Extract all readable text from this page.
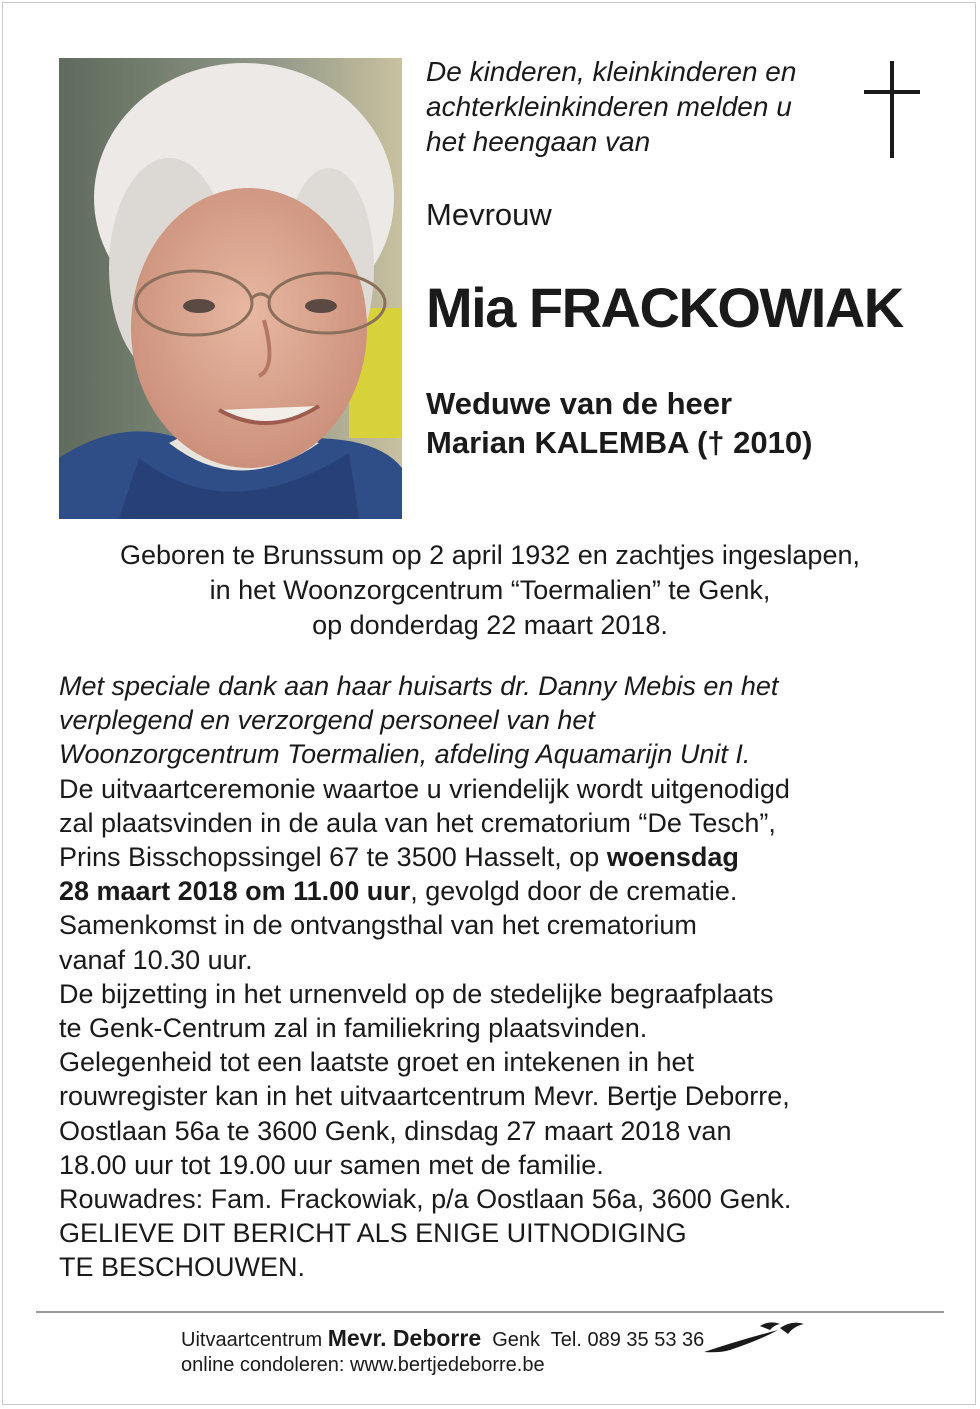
De kinderen, kleinkinderen en
achterkleinkinderen melden u
het heengaan van

Mevrouw

Mia FRACKOWIAK

Weduwe van de heer
Marian KALEMBA († 2010)

Geboren te Brunssum op 2 april 1932 en zachtjes ingeslapen,
in het Woonzorgcentrum “Toermalien” te Genk,
op donderdag 22 maart 2018.

Met speciale dank aan haar huisarts dr. Danny Mebis en het
verplegend en verzorgend personeel van het
Woonzorgcentrum Toermalien, afdeling Aquamarijn Unit I.
De uitvaartceremonie waartoe u vriendelijk wordt uitgenodigd
zal plaatsvinden in de aula van het crematorium “De Tesch”,
Prins Bisschopssingel 67 te 3500 Hasselt, op woensdag
28 maart 2018 om 11.00 uur, gevolgd door de crematie.
Samenkomst in de ontvangsthal van het crematorium
vanaf 10.30 uur.
De bijzetting in het urnenveld op de stedelijke begraafplaats
te Genk-Centrum zal in familiekring plaatsvinden.
Gelegenheid tot een laatste groet en intekenen in het
rouwregister kan in het uitvaartcentrum Mevr. Bertje Deborre,
Oostlaan 56a te 3600 Genk, dinsdag 27 maart 2018 van
18.00 uur tot 19.00 uur samen met de familie.
Rouwadres: Fam. Frackowiak, p/a Oostlaan 56a, 3600 Genk.
GELIEVE DIT BERICHT ALS ENIGE UITNODIGING
TE BESCHOUWEN.

Uitvaartcentrum Mevr. Deborre  Genk  Tel. 089 35 53 36

online condoleren: www.bertjedeborre.be
